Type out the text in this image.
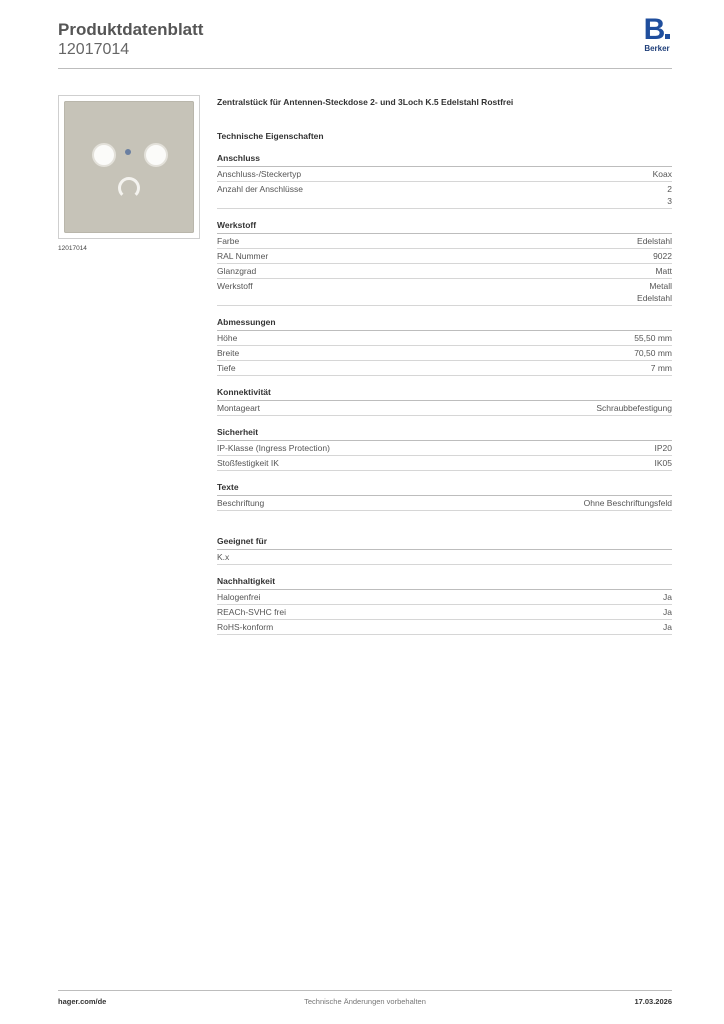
Produktdatenblatt
12017014
B
Berker
12017014
Zentralstück für Antennen-Steckdose 2- und 3Loch K.5 Edelstahl Rostfrei
Technische Eigenschaften
Anschluss
Anschluss-/Steckertyp	Koax
Anzahl der Anschlüsse	2
3
Werkstoff
Farbe	Edelstahl
RAL Nummer	9022
Glanzgrad	Matt
Werkstoff	Metall
Edelstahl
Abmessungen
Höhe	55,50 mm
Breite	70,50 mm
Tiefe	7 mm
Konnektivität
Montageart	Schraubbefestigung
Sicherheit
IP-Klasse (Ingress Protection)	IP20
Stoßfestigkeit IK	IK05
Texte
Beschriftung	Ohne Beschriftungsfeld
Geeignet für
K.x
Nachhaltigkeit
Halogenfrei	Ja
REACh-SVHC frei	Ja
RoHS-konform	Ja
hager.com/de	Technische Änderungen vorbehalten	17.03.2026
